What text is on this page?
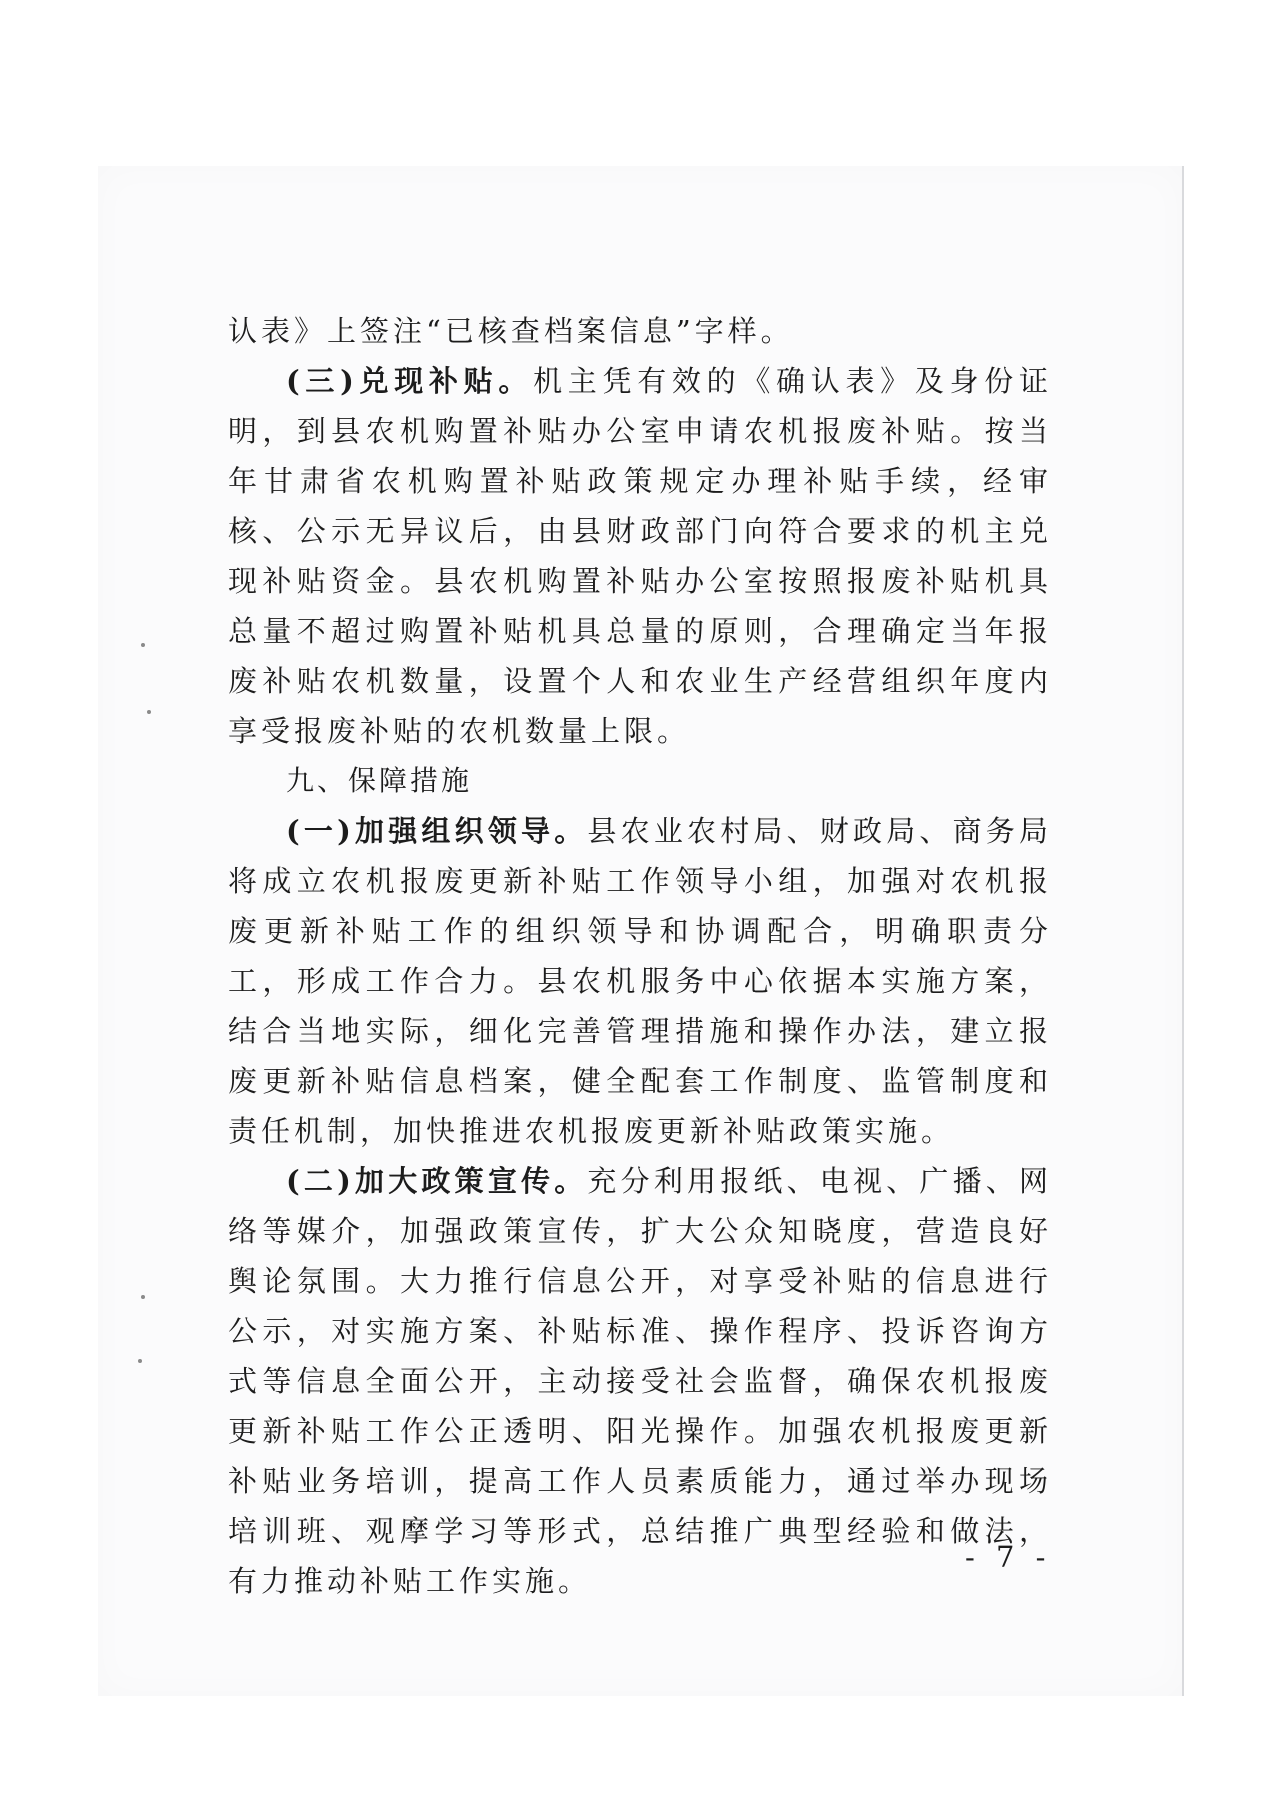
认表》上签注“已核查档案信息”字样。

(三)兑现补贴。机主凭有效的《确认表》及身份证明，到县农机购置补贴办公室申请农机报废补贴。按当年甘肃省农机购置补贴政策规定办理补贴手续，经审核、公示无异议后，由县财政部门向符合要求的机主兑现补贴资金。县农机购置补贴办公室按照报废补贴机具总量不超过购置补贴机具总量的原则，合理确定当年报废补贴农机数量，设置个人和农业生产经营组织年度内享受报废补贴的农机数量上限。

九、保障措施

(一)加强组织领导。县农业农村局、财政局、商务局将成立农机报废更新补贴工作领导小组，加强对农机报废更新补贴工作的组织领导和协调配合，明确职责分工，形成工作合力。县农机服务中心依据本实施方案，结合当地实际，细化完善管理措施和操作办法，建立报废更新补贴信息档案，健全配套工作制度、监管制度和责任机制，加快推进农机报废更新补贴政策实施。

(二)加大政策宣传。充分利用报纸、电视、广播、网络等媒介，加强政策宣传，扩大公众知晓度，营造良好舆论氛围。大力推行信息公开，对享受补贴的信息进行公示，对实施方案、补贴标准、操作程序、投诉咨询方式等信息全面公开，主动接受社会监督，确保农机报废更新补贴工作公正透明、阳光操作。加强农机报废更新补贴业务培训，提高工作人员素质能力，通过举办现场培训班、观摩学习等形式，总结推广典型经验和做法，有力推动补贴工作实施。

- 7 -
